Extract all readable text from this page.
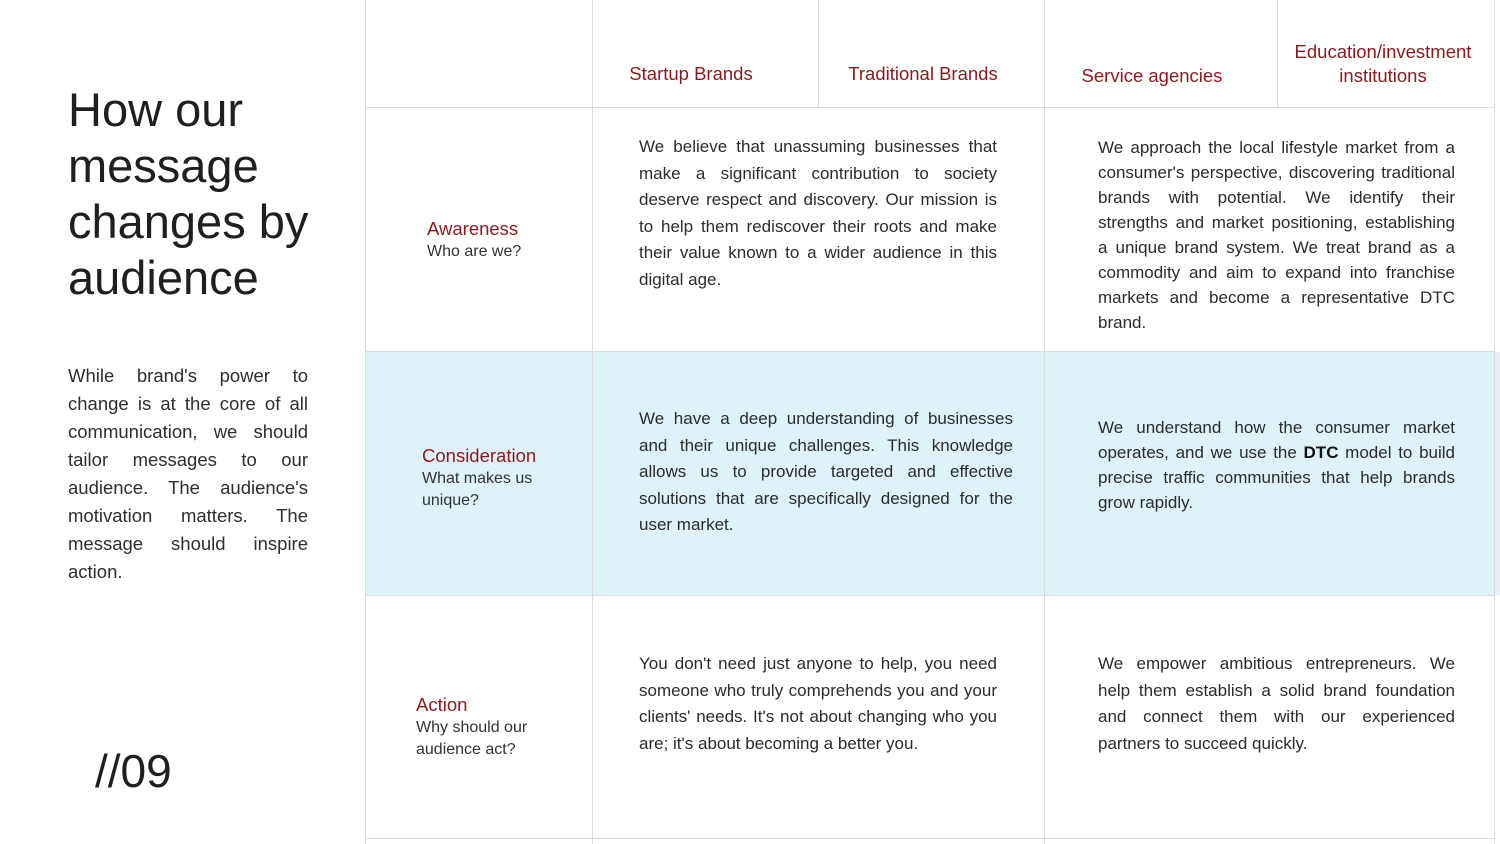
How our message changes by audience

While brand's power to change is at the core of all communication, we should tailor messages to our audience. The audience's motivation matters. The message should inspire action.

//09
Startup Brands	Traditional Brands	Service agencies
Education/investment institutions
Awareness
Who are we?

We believe that unassuming businesses that make a significant contribution to society deserve respect and discovery. Our mission is to help them rediscover their roots and make their value known to a wider audience in this digital age.

We approach the local lifestyle market from a consumer's perspective, discovering traditional brands with potential. We identify their strengths and market positioning, establishing a unique brand system. We treat brand as a commodity and aim to expand into franchise markets and become a representative DTC brand.

Consideration
What makes us unique?

We have a deep understanding of businesses and their unique challenges. This knowledge allows us to provide targeted and effective solutions that are specifically designed for the user market.

We understand how the consumer market operates, and we use the DTC model to build precise traffic communities that help brands grow rapidly.

Action
Why should our audience act?

You don't need just anyone to help, you need someone who truly comprehends you and your clients' needs. It's not about changing who you are; it's about becoming a better you.

We empower ambitious entrepreneurs. We help them establish a solid brand foundation and connect them with our experienced partners to succeed quickly.
